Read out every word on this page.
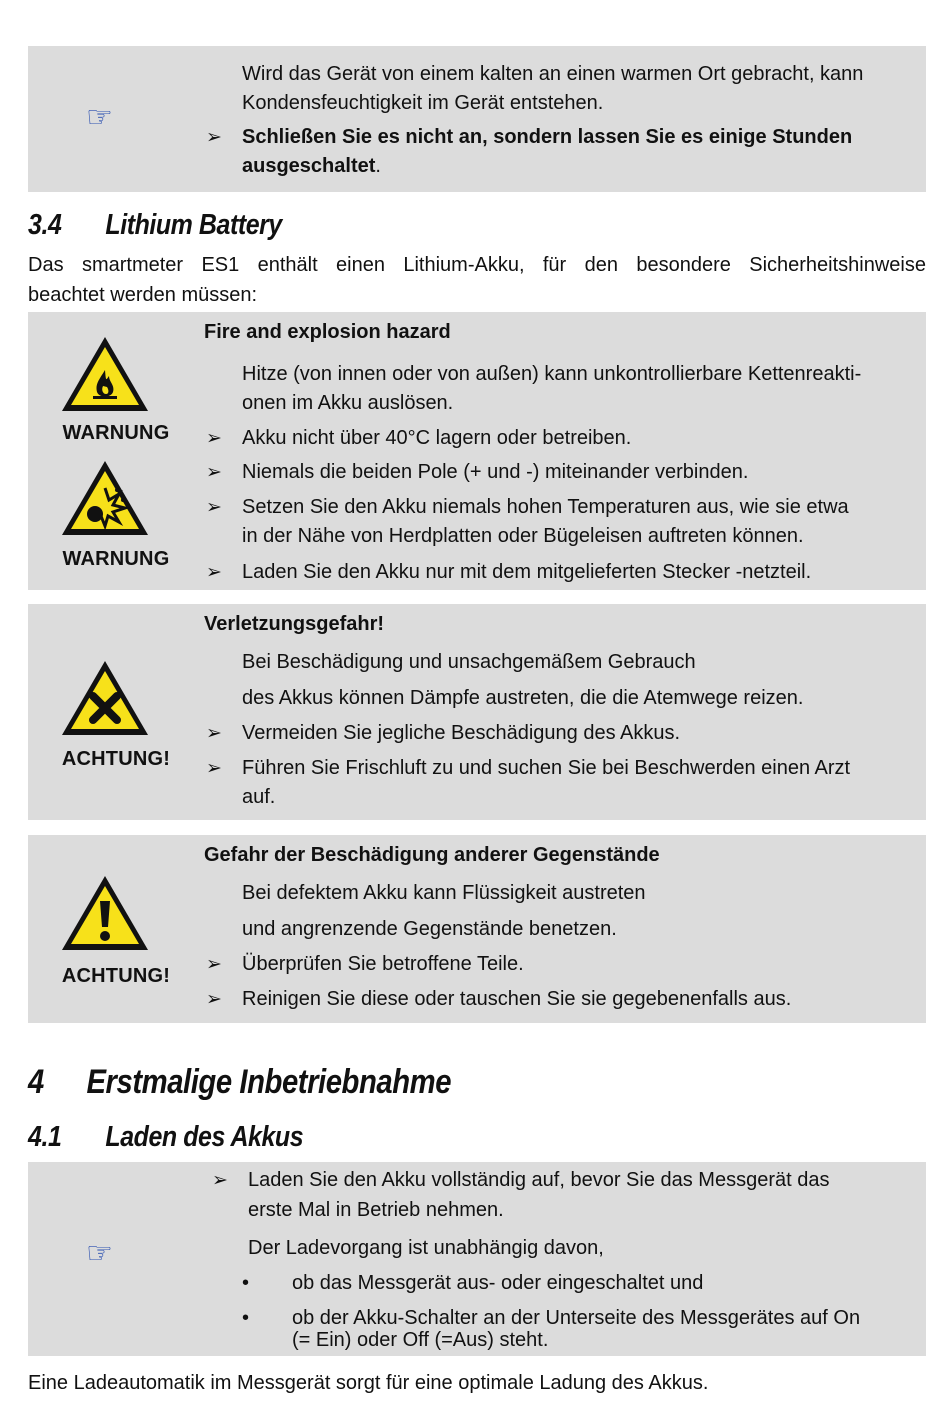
☞
Wird das Gerät von einem kalten an einen warmen Ort gebracht, kann
Kondensfeuchtigkeit im Gerät entstehen.
➢ Schließen Sie es nicht an, sondern lassen Sie es einige Stunden
ausgeschaltet.
3.4 Lithium Battery
Das smartmeter ES1 enthält einen Lithium-Akku, für den besondere Sicherheitshinweise
beachtet werden müssen:
WARNUNG
WARNUNG
Fire and explosion hazard
Hitze (von innen oder von außen) kann unkontrollierbare Kettenreakti-
onen im Akku auslösen.
➢ Akku nicht über 40°C lagern oder betreiben.
➢ Niemals die beiden Pole (+ und -) miteinander verbinden.
➢ Setzen Sie den Akku niemals hohen Temperaturen aus, wie sie etwa
in der Nähe von Herdplatten oder Bügeleisen auftreten können.
➢ Laden Sie den Akku nur mit dem mitgelieferten Stecker -netzteil.
ACHTUNG!
Verletzungsgefahr!
Bei Beschädigung und unsachgemäßem Gebrauch
des Akkus können Dämpfe austreten, die die Atemwege reizen.
➢ Vermeiden Sie jegliche Beschädigung des Akkus.
➢ Führen Sie Frischluft zu und suchen Sie bei Beschwerden einen Arzt
auf.
ACHTUNG!
Gefahr der Beschädigung anderer Gegenstände
Bei defektem Akku kann Flüssigkeit austreten
und angrenzende Gegenstände benetzen.
➢ Überprüfen Sie betroffene Teile.
➢ Reinigen Sie diese oder tauschen Sie sie gegebenenfalls aus.
4 Erstmalige Inbetriebnahme
4.1 Laden des Akkus
☞
➢ Laden Sie den Akku vollständig auf, bevor Sie das Messgerät das
erste Mal in Betrieb nehmen.
Der Ladevorgang ist unabhängig davon,
• ob das Messgerät aus- oder eingeschaltet und
• ob der Akku-Schalter an der Unterseite des Messgerätes auf On
(= Ein) oder Off (=Aus) steht.
Eine Ladeautomatik im Messgerät sorgt für eine optimale Ladung des Akkus.
